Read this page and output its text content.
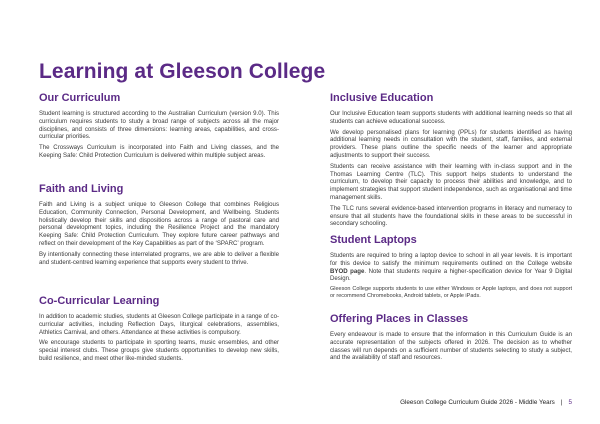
Learning at Gleeson College
Our Curriculum

Student learning is structured according to the Australian Curriculum (version 9.0). This curriculum requires students to study a broad range of subjects across all the major disciplines, and consists of three dimensions: learning areas, capabilities, and cross-curricular priorities.

The Crossways Curriculum is incorporated into Faith and Living classes, and the Keeping Safe: Child Protection Curriculum is delivered within multiple subject areas.

Faith and Living

Faith and Living is a subject unique to Gleeson College that combines Religious Education, Community Connection, Personal Development, and Wellbeing. Students holistically develop their skills and dispositions across a range of pastoral care and personal development topics, including the Resilience Project and the mandatory Keeping Safe: Child Protection Curriculum. They explore future career pathways and reflect on their development of the Key Capabilities as part of the ‘SPARC’ program.

By intentionally connecting these interrelated programs, we are able to deliver a flexible and student-centred learning experience that supports every student to thrive.

Co-Curricular Learning

In addition to academic studies, students at Gleeson College participate in a range of co-curricular activities, including Reflection Days, liturgical celebrations, assemblies, Athletics Carnival, and others. Attendance at these activities is compulsory.

We encourage students to participate in sporting teams, music ensembles, and other special interest clubs. These groups give students opportunities to develop new skills, build resilience, and meet other like-minded students.

Inclusive Education

Our Inclusive Education team supports students with additional learning needs so that all students can achieve educational success.

We develop personalised plans for learning (PPLs) for students identified as having additional learning needs in consultation with the student, staff, families, and external providers. These plans outline the specific needs of the learner and appropriate adjustments to support their success.

Students can receive assistance with their learning with in-class support and in the Thomas Learning Centre (TLC). This support helps students to understand the curriculum, to develop their capacity to process their abilities and knowledge, and to implement strategies that support student independence, such as organisational and time management skills.

The TLC runs several evidence-based intervention programs in literacy and numeracy to ensure that all students have the foundational skills in these areas to be successful in secondary schooling.

Student Laptops

Students are required to bring a laptop device to school in all year levels. It is important for this device to satisfy the minimum requirements outlined on the College website BYOD page. Note that students require a higher-specification device for Year 9 Digital Design.

Gleeson College supports students to use either Windows or Apple laptops, and does not support or recommend Chromebooks, Android tablets, or Apple iPads.

Offering Places in Classes

Every endeavour is made to ensure that the information in this Curriculum Guide is an accurate representation of the subjects offered in 2026. The decision as to whether classes will run depends on a sufficient number of students selecting to study a subject, and the availability of staff and resources.

Gleeson College Curriculum Guide 2026 - Middle Years | 5
